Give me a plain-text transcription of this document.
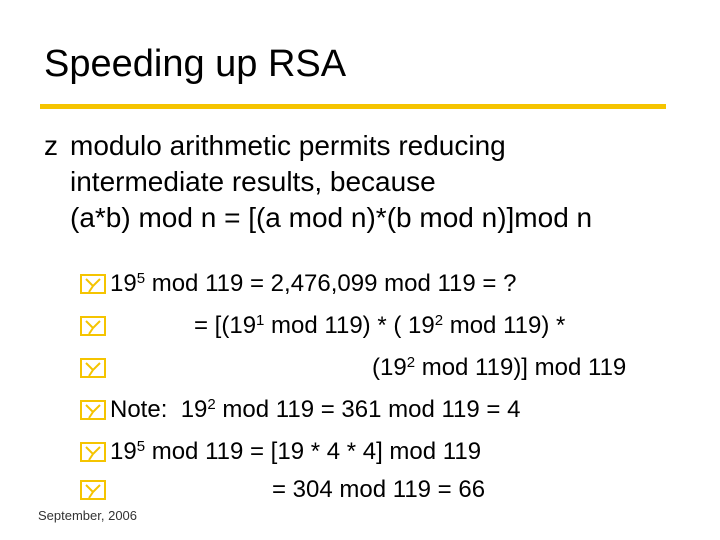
Speeding up RSA
z modulo arithmetic permits reducing
intermediate results, because
(a*b) mod n = [(a mod n)*(b mod n)]mod n
$19^5$ mod 119 = 2,476,099 mod 119 = ?
= [($19^1$ mod 119) * ( $19^2$ mod 119) *
($19^2$ mod 119)] mod 119
Note:  $19^2$ mod 119 = 361 mod 119 = 4
$19^5$ mod 119 = [19 * 4 * 4] mod 119
= 304 mod 119 = 66
September, 2006
